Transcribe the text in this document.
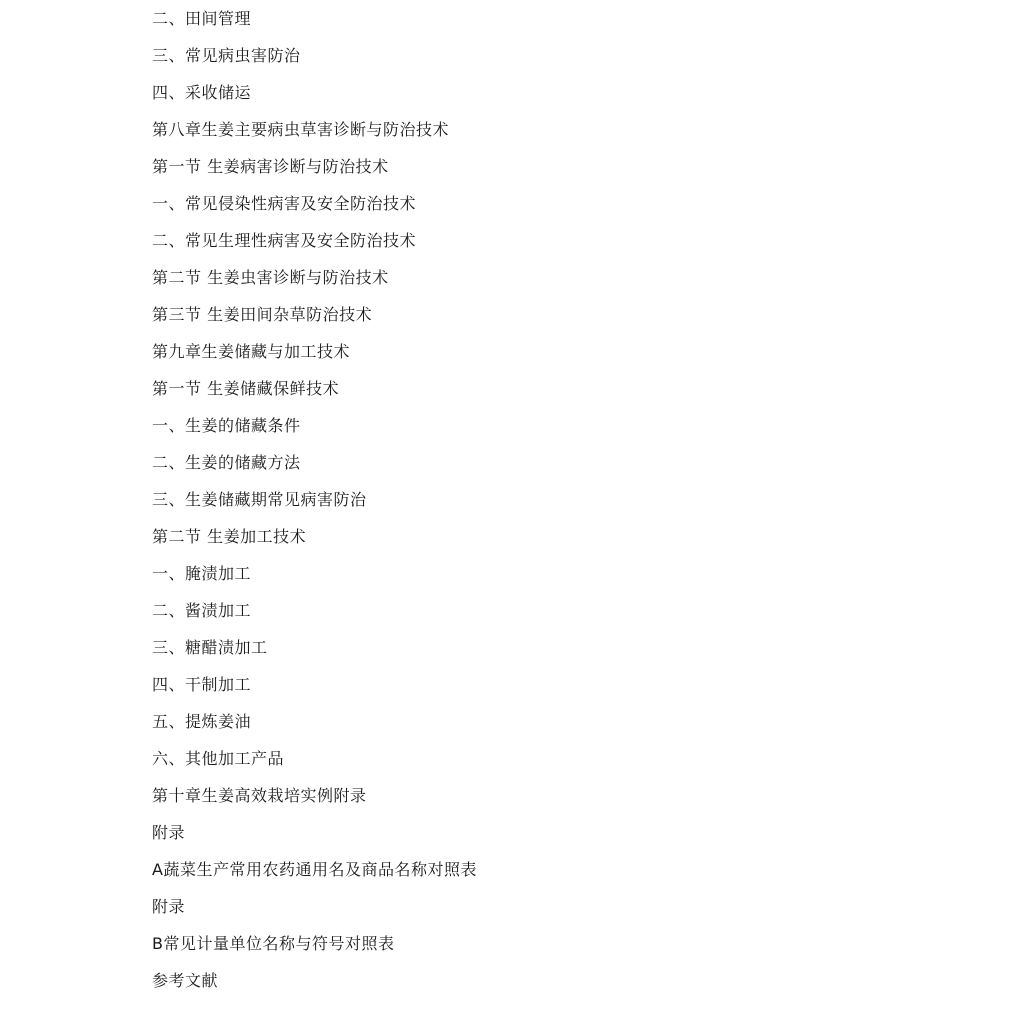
二、田间管理
三、常见病虫害防治
四、采收储运
第八章生姜主要病虫草害诊断与防治技术
第一节 生姜病害诊断与防治技术
一、常见侵染性病害及安全防治技术
二、常见生理性病害及安全防治技术
第二节 生姜虫害诊断与防治技术
第三节 生姜田间杂草防治技术
第九章生姜储藏与加工技术
第一节 生姜储藏保鲜技术
一、生姜的储藏条件
二、生姜的储藏方法
三、生姜储藏期常见病害防治
第二节 生姜加工技术
一、腌渍加工
二、酱渍加工
三、糖醋渍加工
四、干制加工
五、提炼姜油
六、其他加工产品
第十章生姜高效栽培实例附录
附录
A蔬菜生产常用农药通用名及商品名称对照表
附录
B常见计量单位名称与符号对照表
参考文献
